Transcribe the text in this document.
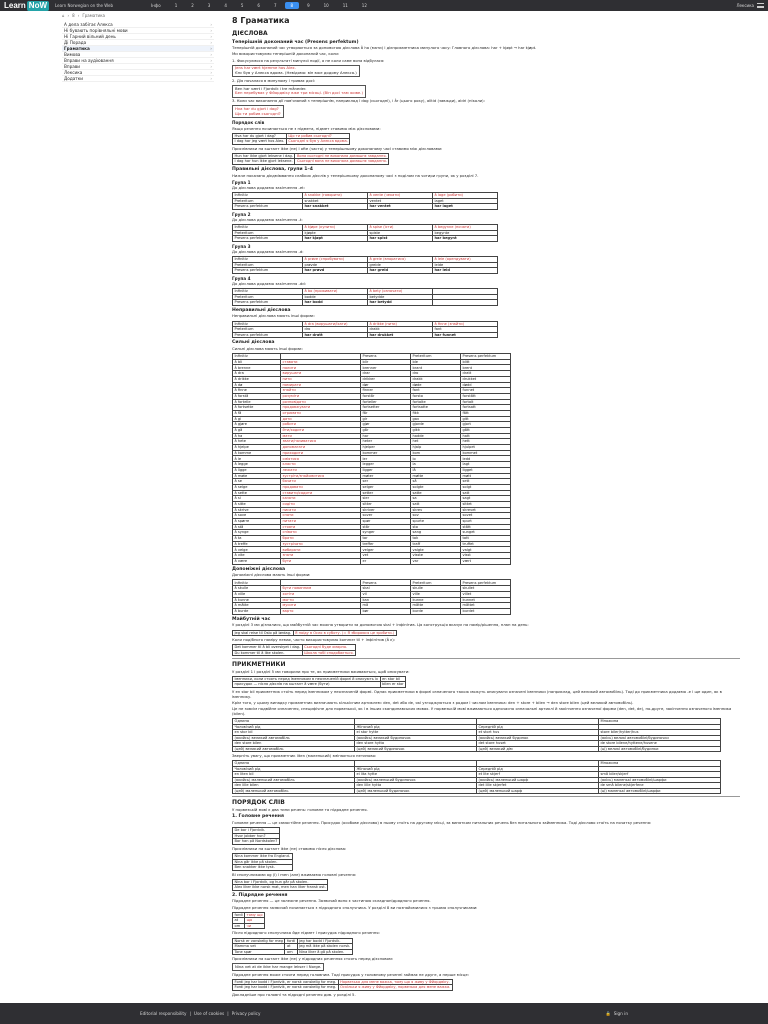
Learn NoW	Learn Norwegian on the Web	Інфо	1	2	3	4	5	6	7	8	9	10	11	12	Лексика
⌂ › 8 › Граматика
А дела забігає Алекса	›
Ні бувають порівняльні мови	›
Ні Гарний вільний день	›
Ді Порада	›
Граматика	›
Вимова	›
Вправи на аудіювання	›
Вправи	›
Лексика	›
Додатки	›
8 Граматика
ДІЄСЛОВА
Теперішній доконаний час (Presens perfektum)

Теперішній доконаний час утворюється за допомогою дієслова å ha (мати) і дієприкметника минулого часу: Гловного дієслова: har + kjøpt → har kjøpt.

Ми використовуємо теперішній доконаний час, коли:

1. Фокусуємося на результаті минулої події, а не коли саме вона відбулася:

Jens har vært hjemme hos Alex.
Єнс був у Алекса вдома. (Невідомо: він вже додому Алекса.)

2. Дія почалася в минулому і триває досі:

Ben har vært i Fjordvik i tre måneder.
Бен перебуває у Фйордвіку вже три місяці. (Він досі там живе.)

3. Коли час виконання дії пов'язаний з теперішнім, наприклад і dag (сьогодні), i år (цього року), alltid (завжди), aldri (ніколи):

Hva har du gjort i dag?
Що ти робив сьогодні?
Порядок слів

Якщо речення починається не з підмета, підмет ставимо між дієсловами:

Hva har du gjort i dag?	Що ти робив сьогодні?
I dag har jeg vært hos Alex.	Сьогодні я був у Алекса вдома.

Прислівники на кшталт ikke (не) і ofte (часто) у теперішньому доконаному часі ставимо між дієсловами:

Hun har ikke gjort leksene i dag.	Вона сьогодні не виконала домашнє завдання.
I dag har hun ikke gjort leksene.	Сьогодні вона не виконала домашнє завдання.
Правильні дієслова, групи 1–4

Нижче показано дієдміювання слабких дієслів у теперішньому доконаному часі з поділом на чотири групи, як у розділі 7.

Група 1

До дієслова додаємо закінчення -et:

Infinitiv	å snakke (говорити)	å vente (чекати)	å lage (робити)
Preteritum	snakket	ventet	laget
Presens perfektum	har snakket	har ventet	har laget
Група 2

До дієслова додаємо закінчення -t:

Infinitiv	å kjøpe (купити)	å spise (їсти)	å begynne (почати)
Preteritum	kjøpte	spiste	begynte
Presens perfektum	har kjøpt	har spist	har begynt
Група 3

До дієслова додаємо закінчення -d:

Infinitiv	å prøve (спробувати)	å greie (впоратися)	å leie (орендувати)
Preteritum	prøvde	greide	leide
Presens perfektum	har prøvd	har greid	har leid
Група 4

До дієслова додаємо закінчення -dd:

Infinitiv	å bo (проживати)	å bety (означати)	
Preteritum	bodde	betydde	
Presens perfektum	har bodd	har betydd	
Неправильні дієслова

Неправильні дієслова мають інші форми:

Infinitiv	å dra (вирушати/їхати)	å drikke (пити)	å finne (знайти)
Preteritum	dro	drakk	fant
Presens perfektum	har dratt	har drukket	har funnet
Сильні дієслова

Сильні дієслова мають інші форми:

Infinitiv		Presens	Preteritum	Presens perfektum
å bli	ставати	blir	ble	blitt
å brenne	палити	brenner	brant	brent
å dra	вирушати	drar	dro	dratt
å drikke	пити	drikker	drakk	drukket
å dø	помирати	dør	døde	dødd
å finne	знайти	finner	fant	funnet
å forstå	розуміти	forstår	forsto	forstått
å fortelle	розповідати	forteller	fortalte	fortalt
å fortsette	продовжувати	fortsetter	fortsatte	fortsatt
å få	отримати	får	fikk	fått
å gi	дати	gir	gav	gitt
å gjøre	робити	gjør	gjorde	gjort
å gå	йти/ходити	går	gikk	gått
å ha	мати	har	hadde	hatt
å hete	звати/називатися	heter	het	hett
å hjelpe	допомагати	hjelper	hjalp	hjulpet
å komme	приходити	kommer	kom	kommet
å le	сміятися	ler	lo	ledd
å legge	класти	legger	la	lagt
å ligge	лежати	ligger	lå	ligget
å møte	зустріти/знайомитися	møter	møtte	møtt
å se	бачити	ser	så	sett
å selge	продавати	selger	solgte	solgt
å sette	ставити/садити	setter	satte	satt
å si	казати	sier	sa	sagt
å sitte	сидіти	sitter	satt	sittet
å skrive	писати	skriver	skrev	skrevet
å sove	спати	sover	sov	sovet
å spørre	питати	spør	spurte	spurt
å stå	стояти	står	sto	stått
å synge	співати	synger	sang	sunget
å ta	брати	tar	tok	tatt
å treffe	зустрічати	treffer	traff	truffet
å velge	вибирати	velger	valgte	valgt
å vite	знати	vet	visste	visst
å være	бути	er	var	vært
Допоміжні дієслова

Допоміжні дієслова мають інші форми:

Infinitiv		Presens	Preteritum	Presens perfektum
å skulle	бути повинним	skal	skulle	skullet
å ville	хотіти	vil	ville	villet
å kunne	могти	kan	kunne	kunnet
å måtte	мусити	må	måtte	måttet
å burde	варто	bør	burde	burdet
Майбутній час

У розділі 3 ми дізналися, що майбутній час можна утворити за допомогою skal + інфінітив. Ця конструкція вказує на намір/рішення, план на день:

Jeg skal reise til Oslo på lørdag.	Я поїду в Осло в суботу. (= Я збираюся це зробити.)

Коли подібного наміру немає, часто використовуємо kommer til + інфінітив (å є):

Det kommer til å bli overskyet i dag.	Сьогодні буде хмарно.
Du kommer til å like skolen.	Школа тобі сподобається.
ПРИКМЕТНИКИ

У розділі 1 і розділі 5 ми говорили про те, як прикметники вживаються, щоб описувати:

іменники, коли стоять перед іменником в неозначеній формі й описують їх	en stor bil
присудок — після дієслів на кшталт å være (бути)	bilen er stor

У en stor bil прикметник стоїть перед іменником у неозначеній формі. Однак прикметники в формі означеного також можуть описувати означені іменники (наприклад, цей великий автомобіль). Тоді до прикметника додаємо -e і ще один, як в іменнику.

Крім того, у цьому випадку прикметник визначають кількісним артиклем: den, det або de, які узгоджуються з родом і числом іменника: den + store + bilen → den store bilen (цей великий автомобіль).

Це не зовсім подвійне означення, специфічне для норвезької, як і в інших скандинавських мовах. У норвезькій мові вживаються одночасно означальні артиклі й закінчення означеної форми (den, det, de), по-друге, закінчення означеного іменника (bilen).

Однина			Множина
Чоловічий рід	Жіночий рід	Середній рід	
en stor bil	ei stor hytte	et stort hus	store biler/hytter/hus
(якийсь) великий автомобіль	(якийсь) великий будиночок	(якийсь) великий будинок	(якісь) великі автомобілі/будиночки
den store bilen	den store hytta	det store huset	de store bilene/hyttene/husene
(цей) великий автомобіль	(цей) великий будиночок	(цей) великий дім	(ці) великі автомобілі/будинки

Зверніть увагу, що прикметник liten (маленький) змінюється нетипово:

Однина			Множина
Чоловічий рід	Жіночий рід	Середній рід	
en liten bil	ei lita hytte	et lite skjerf	små biler/skjerf
(якийсь) маленький автомобіль	(якийсь) маленький будиночок	(якийсь) маленький шарф	(якісь) маленькі автомобілі/шарфи
den lille bilen	den lille hytta	det lille skjerfet	de små bilene/skjerfene
(цей) маленький автомобіль	(цей) маленький будиночок	(цей) маленький шарф	(ці) маленькі автомобілі/шарфи
ПОРЯДОК СЛІВ

У норвезькій мові є два типи речень: головне та підрядне речення.

1. Головне речення

Головне речення — це самостійне речення. Присудок (особове дієслово) в ньому стоїть на другому місці, за винятком питальних речень без питального займенника. Тоді дієслово стоїть на початку речення:

De bor i Fjordvik.
Hvor jobber hun?
Bor han på Nordskolen?

Прислівники на кшталт ikke (не) ставимо після дієслова:

Nina kommer ikke fra England.
Nina går ikke på skolen.
Ben snakker ikke tysk.

Ві сполучниками og (і) і men (але) вживаємо головні речення:

Nina bor i Fjordvik, og hun går på skolen.
Alex liker ikke norsk mat, men han liker fransk ost.
2. Підрядне речення

Підрядне речення — це залежне речення. Зазвичай воно є частиною складнопідрядного речення.

Підрядне речення зазвичай починається з підрядного сполучника. У розділі 8 ви познайомилися з трьома сполучниками:

fordi	тому що
at	що
om	чи

Після підрядного сполучника йде підмет і присудок підрядного речення:

Norsk er vanskelig for meg	fordi	jeg har bodd i Fjordvik.
Mamma vet	at	jeg må ikke på skolen norsk.
Tone spør	om	Nina liker å gå på skolen.

Прислівники на кшталт ikke (не) у підрядних реченнях стоять перед дієсловом:

Nina vet at de ikke har mange lekser i Norge.

Підрядне речення може стояти перед головним. Тоді присудок у головному реченні займає не друге, а перше місце:

Fordi jeg har bodd i Fjordvik, er norsk vanskelig for meg.	Норвезька для мене важка, тому що я живу у Фйордвіку.
Fordi jeg har bodd i Fjordvik, er norsk vanskelig for meg.	Оскільки я живу у Фйордвіку, норвезька для мене важка.

Докладніше про головні та підрядні речення див. у розділі 5.

Editorial responsibility | Use of cookies | Privacy policy	🔒 Sign in
